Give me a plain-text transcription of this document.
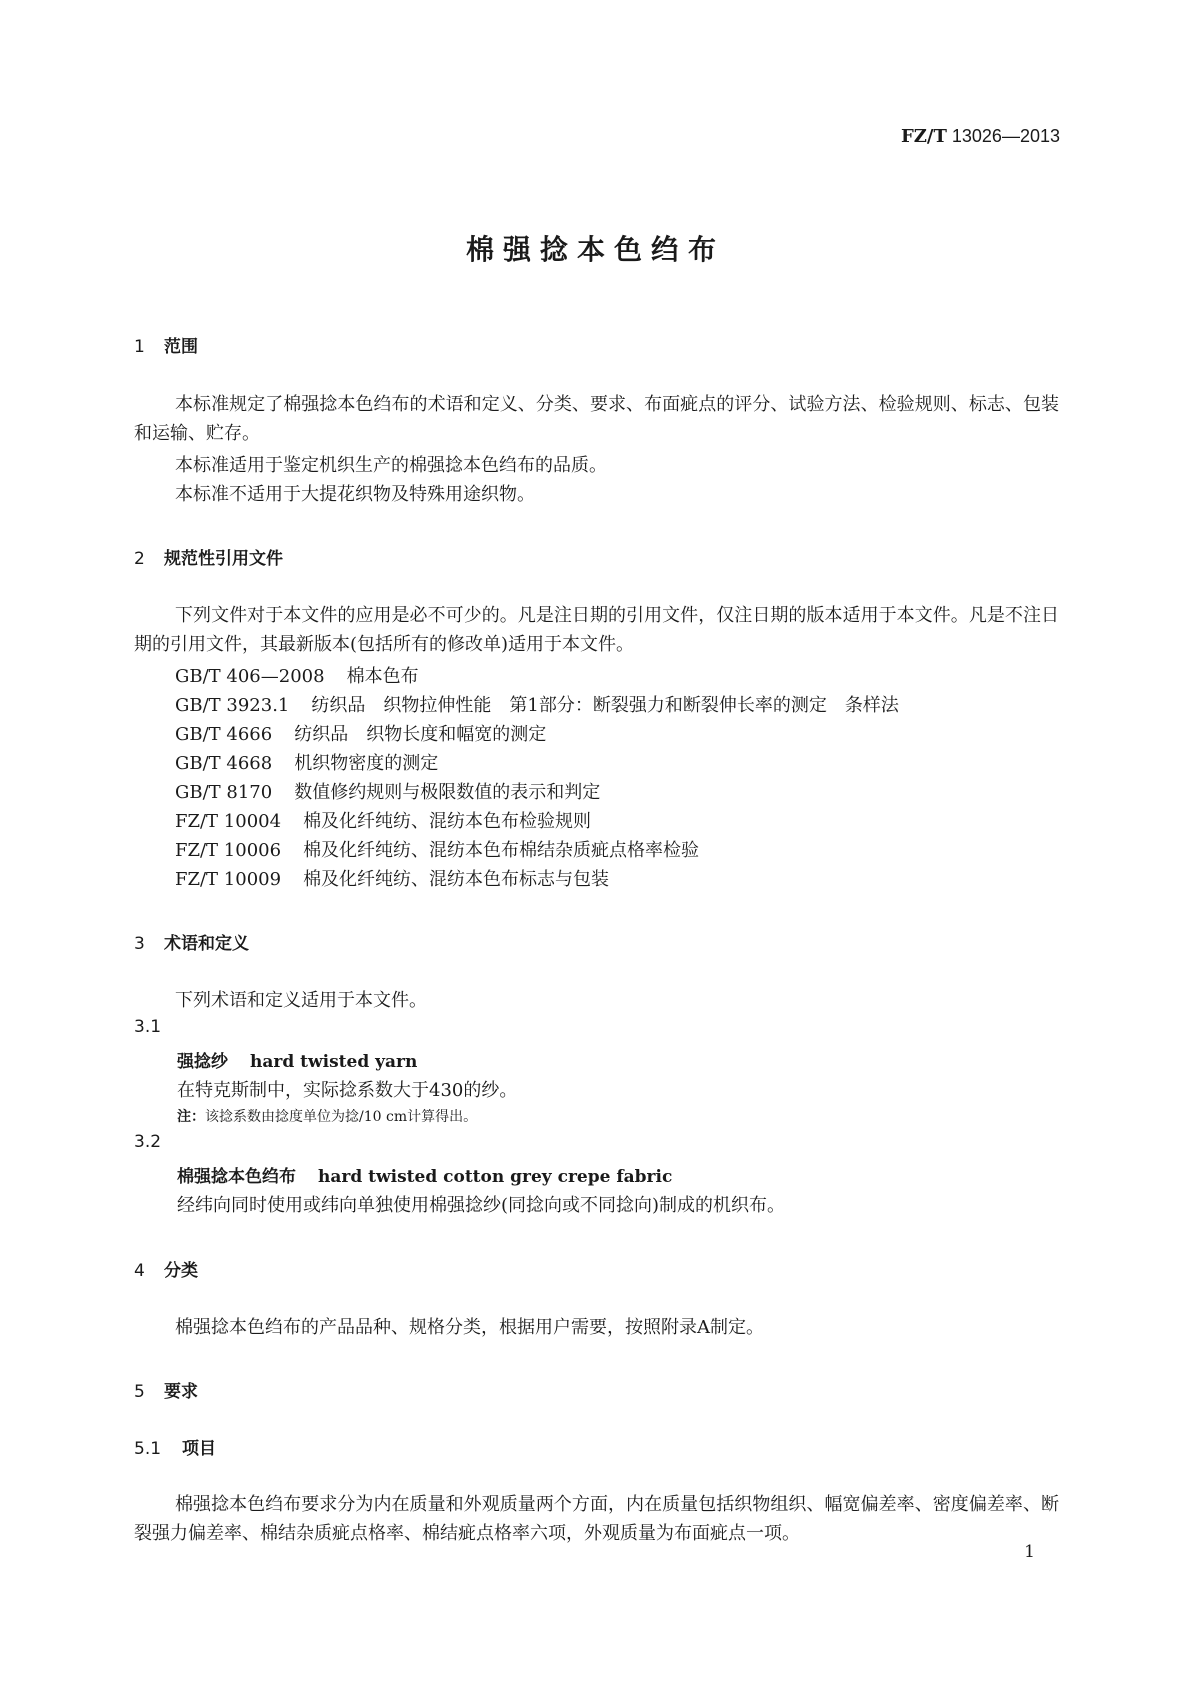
FZ/T 13026—2013
棉强捻本色绉布
1 范围
本标准规定了棉强捻本色绉布的术语和定义、分类、要求、布面疵点的评分、试验方法、检验规则、标志、包装和运输、贮存。
本标准适用于鉴定机织生产的棉强捻本色绉布的品质。
本标准不适用于大提花织物及特殊用途织物。
2 规范性引用文件
下列文件对于本文件的应用是必不可少的。凡是注日期的引用文件，仅注日期的版本适用于本文件。凡是不注日期的引用文件，其最新版本(包括所有的修改单)适用于本文件。
GB/T 406—2008 棉本色布
GB/T 3923.1 纺织品　织物拉伸性能　第1部分：断裂强力和断裂伸长率的测定　条样法
GB/T 4666 纺织品　织物长度和幅宽的测定
GB/T 4668 机织物密度的测定
GB/T 8170 数值修约规则与极限数值的表示和判定
FZ/T 10004 棉及化纤纯纺、混纺本色布检验规则
FZ/T 10006 棉及化纤纯纺、混纺本色布棉结杂质疵点格率检验
FZ/T 10009 棉及化纤纯纺、混纺本色布标志与包装
3 术语和定义
下列术语和定义适用于本文件。
3.1
强捻纱 hard twisted yarn
在特克斯制中，实际捻系数大于430的纱。
注：该捻系数由捻度单位为捻/10 cm计算得出。
3.2
棉强捻本色绉布 hard twisted cotton grey crepe fabric
经纬向同时使用或纬向单独使用棉强捻纱(同捻向或不同捻向)制成的机织布。
4 分类
棉强捻本色绉布的产品品种、规格分类，根据用户需要，按照附录A制定。
5 要求
5.1 项目
棉强捻本色绉布要求分为内在质量和外观质量两个方面，内在质量包括织物组织、幅宽偏差率、密度偏差率、断裂强力偏差率、棉结杂质疵点格率、棉结疵点格率六项，外观质量为布面疵点一项。
1
